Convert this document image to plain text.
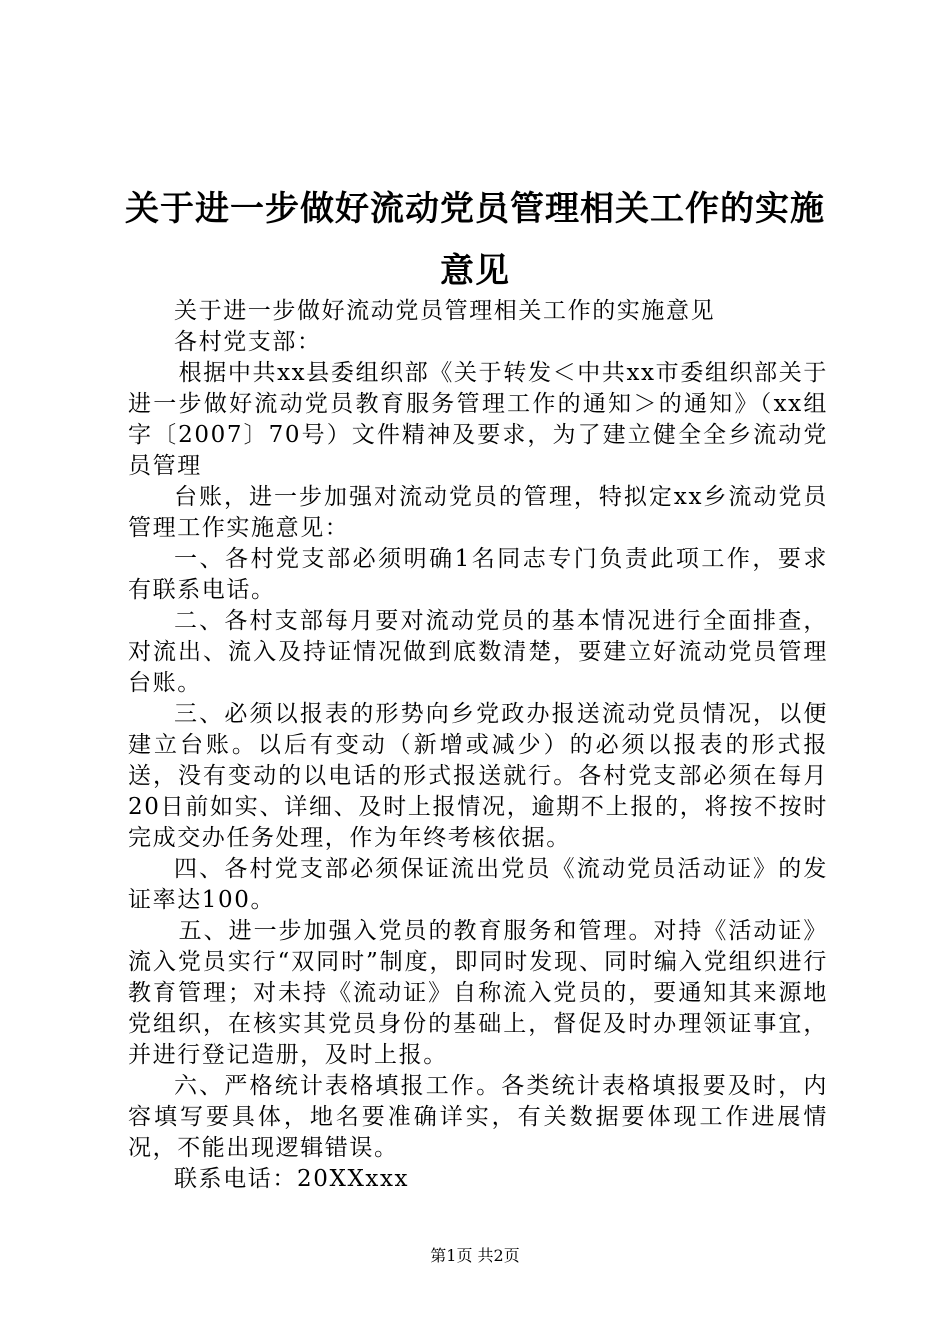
关于进一步做好流动党员管理相关工作的实施意见

关于进一步做好流动党员管理相关工作的实施意见

各村党支部：

根据中共xx县委组织部《关于转发＜中共xx市委组织部关于进一步做好流动党员教育服务管理工作的通知＞的通知》（xx组字〔2007〕70号）文件精神及要求，为了建立健全全乡流动党员管理

台账，进一步加强对流动党员的管理，特拟定xx乡流动党员管理工作实施意见：

一、各村党支部必须明确1名同志专门负责此项工作，要求有联系电话。

二、各村支部每月要对流动党员的基本情况进行全面排查，对流出、流入及持证情况做到底数清楚，要建立好流动党员管理台账。

三、必须以报表的形势向乡党政办报送流动党员情况，以便建立台账。以后有变动（新增或减少）的必须以报表的形式报送，没有变动的以电话的形式报送就行。各村党支部必须在每月20日前如实、详细、及时上报情况，逾期不上报的，将按不按时完成交办任务处理，作为年终考核依据。

四、各村党支部必须保证流出党员《流动党员活动证》的发证率达100。

五、进一步加强入党员的教育服务和管理。对持《活动证》流入党员实行“双同时”制度，即同时发现、同时编入党组织进行教育管理；对未持《流动证》自称流入党员的，要通知其来源地党组织，在核实其党员身份的基础上，督促及时办理领证事宜，并进行登记造册，及时上报。

六、严格统计表格填报工作。各类统计表格填报要及时，内容填写要具体，地名要准确详实，有关数据要体现工作进展情况，不能出现逻辑错误。

联系电话：20XXxxx

第1页 共2页
